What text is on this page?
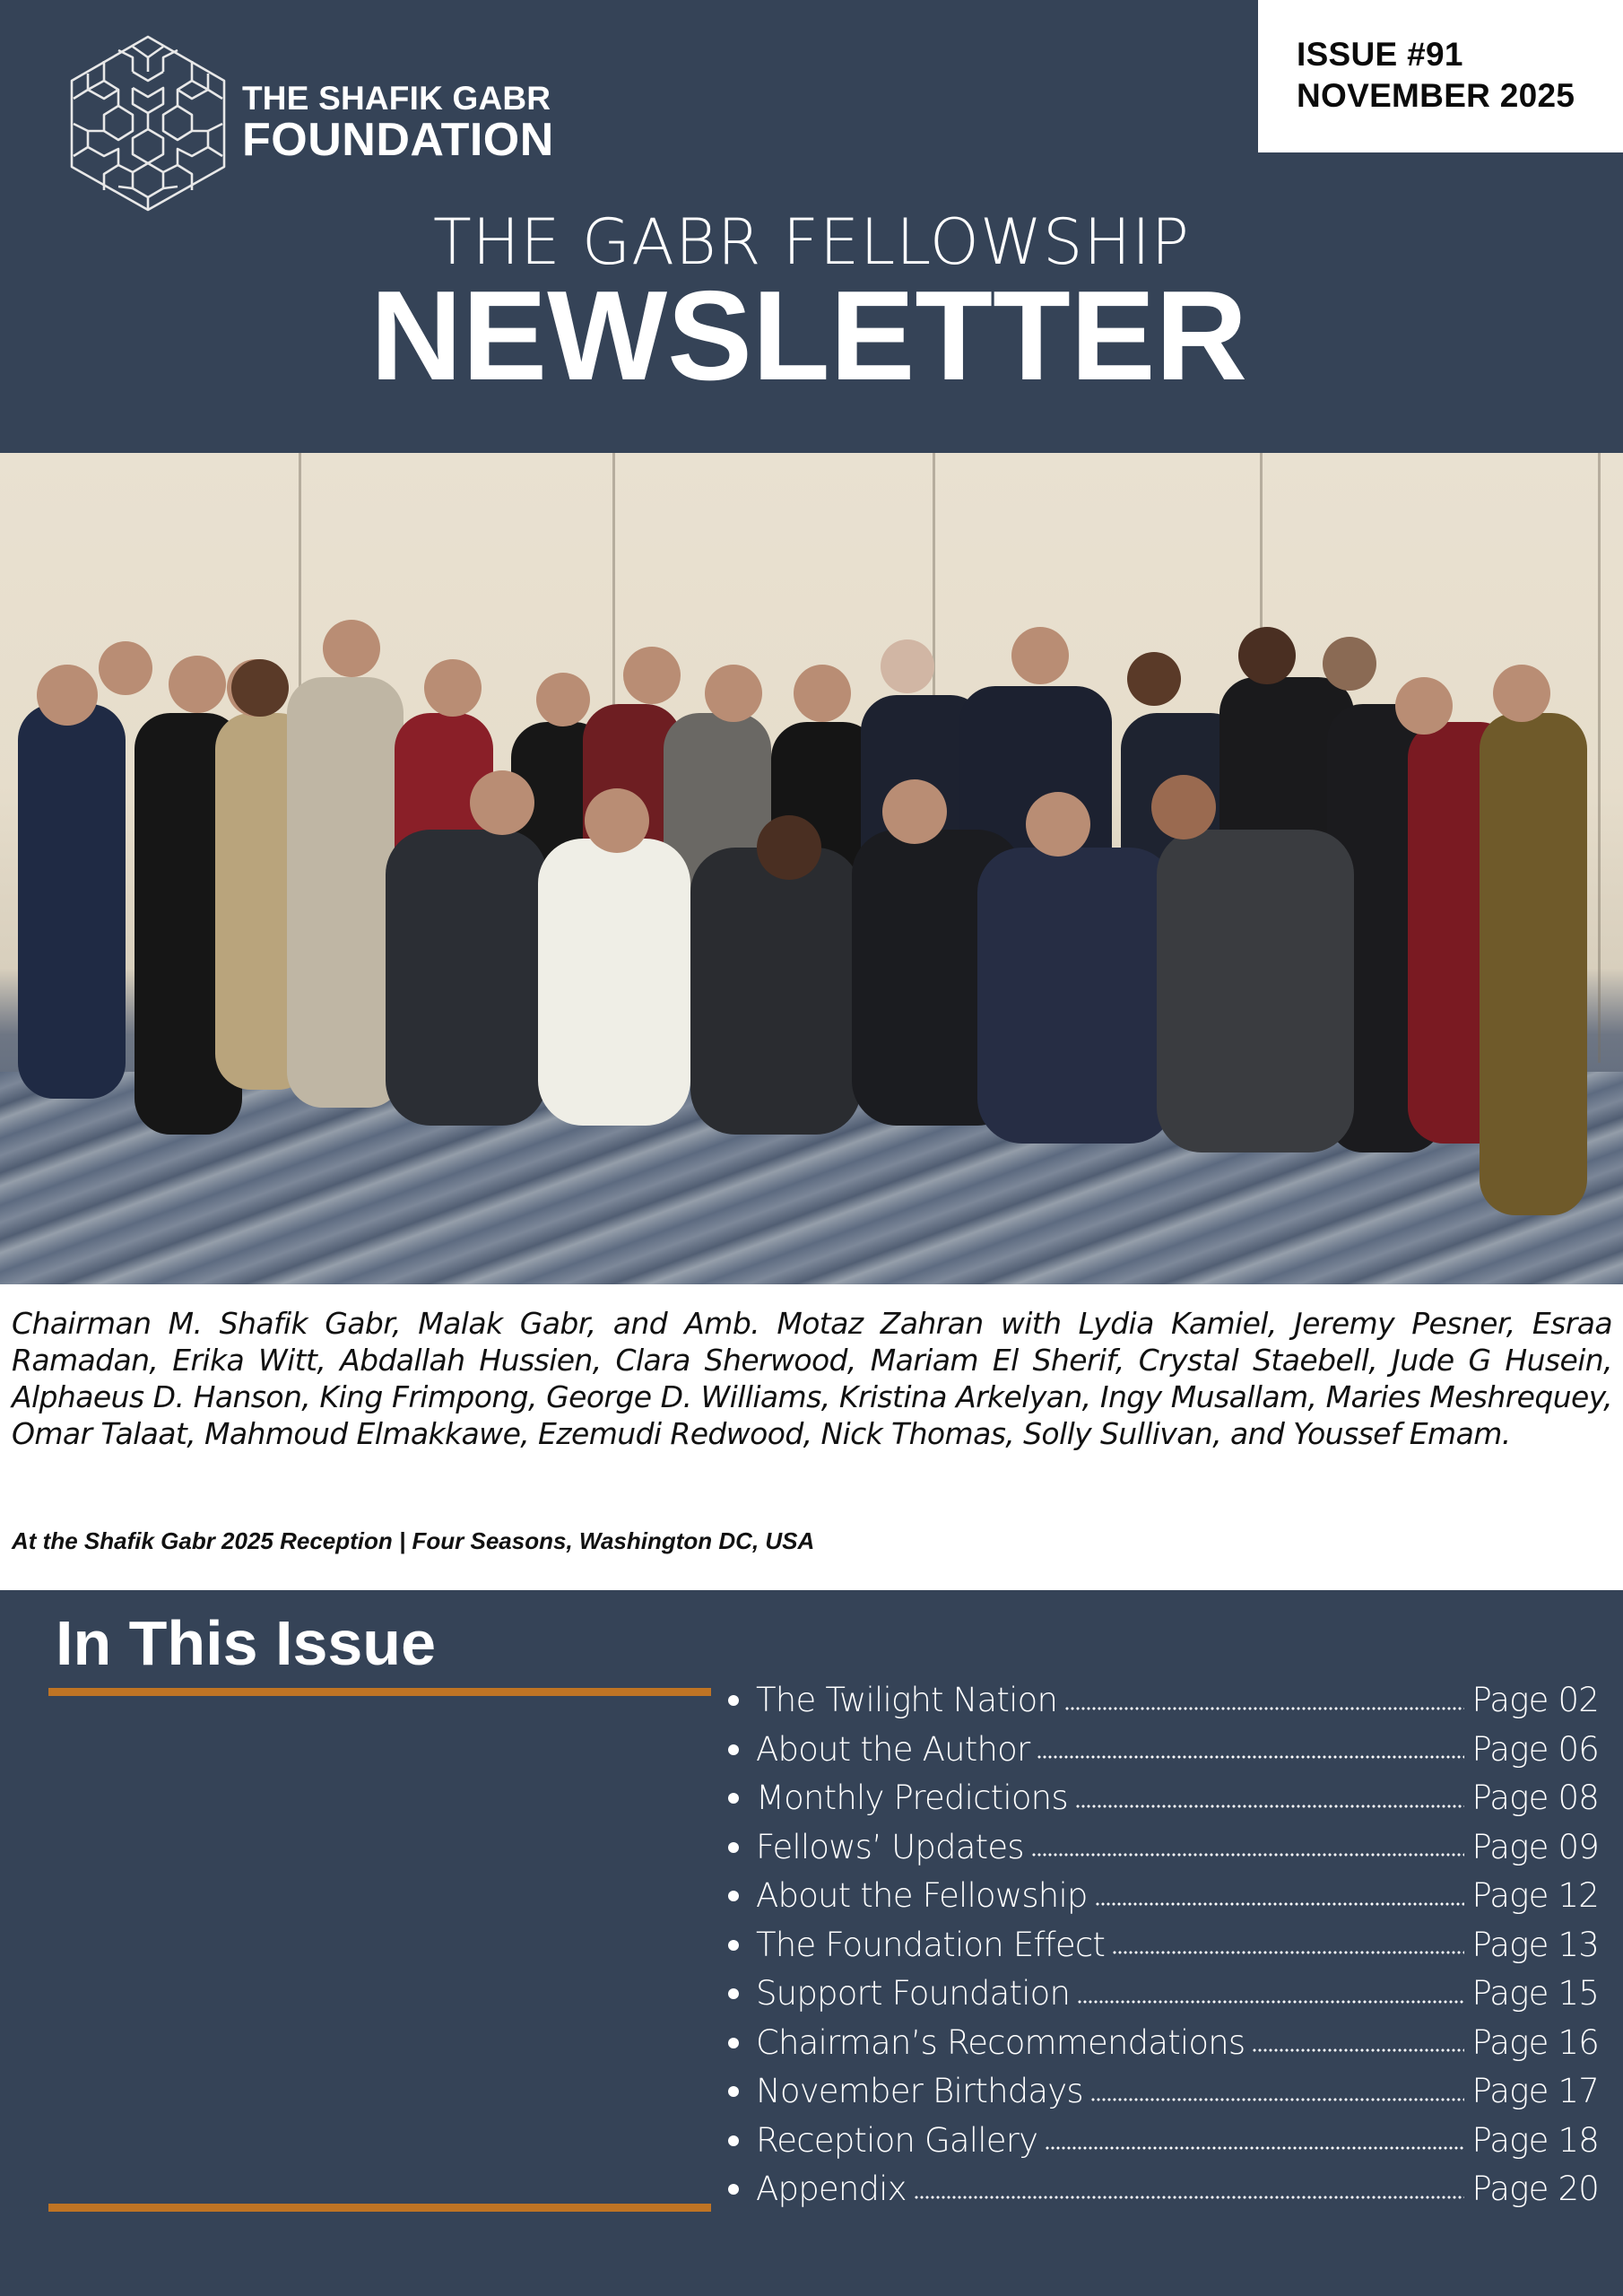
THE SHAFIK GABR
FOUNDATION
ISSUE #91
NOVEMBER 2025
THE GABR FELLOWSHIP
NEWSLETTER

Chairman M. Shafik Gabr, Malak Gabr, and Amb. Motaz Zahran with Lydia Kamiel, Jeremy Pesner, Esraa Ramadan, Erika Witt, Abdallah Hussien, Clara Sherwood, Mariam El Sherif, Crystal Staebell, Jude G Husein, Alphaeus D. Hanson, King Frimpong, George D. Williams, Kristina Arkelyan, Ingy Musallam, Maries Meshrequey, Omar Talaat, Mahmoud Elmakkawe, Ezemudi Redwood, Nick Thomas, Solly Sullivan, and Youssef Emam.

At the Shafik Gabr 2025 Reception | Four Seasons, Washington DC, USA

In This Issue
The Twilight Nation	Page 02
About the Author	Page 06
Monthly Predictions	Page 08
Fellows’ Updates	Page 09
About the Fellowship	Page 12
The Foundation Effect	Page 13
Support Foundation	Page 15
Chairman’s Recommendations	Page 16
November Birthdays	Page 17
Reception Gallery	Page 18
Appendix	Page 20
